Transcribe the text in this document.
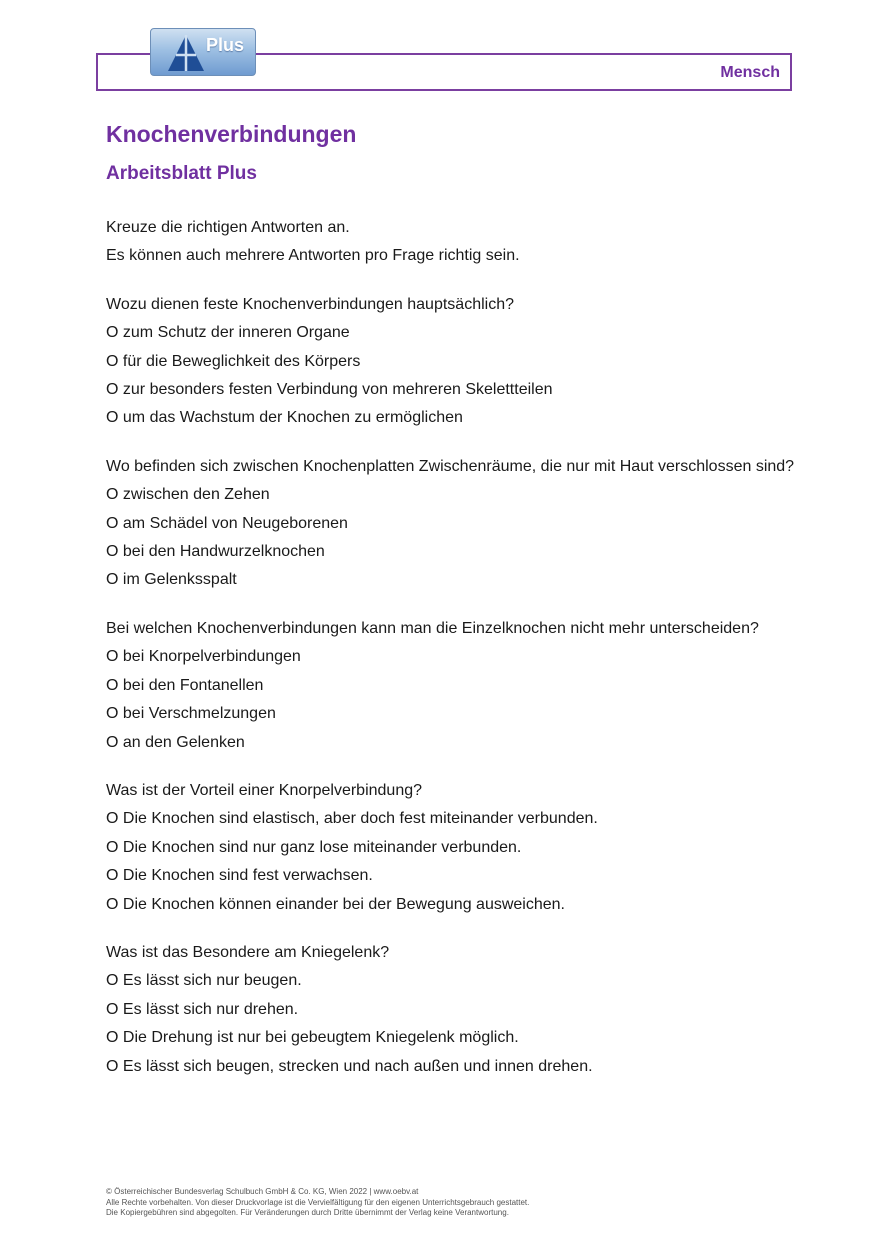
Mensch
Plus
Knochenverbindungen
Arbeitsblatt Plus
Kreuze die richtigen Antworten an.
Es können auch mehrere Antworten pro Frage richtig sein.
Wozu dienen feste Knochenverbindungen hauptsächlich?
O zum Schutz der inneren Organe
O für die Beweglichkeit des Körpers
O zur besonders festen Verbindung von mehreren Skelettteilen
O um das Wachstum der Knochen zu ermöglichen
Wo befinden sich zwischen Knochenplatten Zwischenräume, die nur mit Haut verschlossen sind?
O zwischen den Zehen
O am Schädel von Neugeborenen
O bei den Handwurzelknochen
O im Gelenksspalt
Bei welchen Knochenverbindungen kann man die Einzelknochen nicht mehr unterscheiden?
O bei Knorpelverbindungen
O bei den Fontanellen
O bei Verschmelzungen
O an den Gelenken
Was ist der Vorteil einer Knorpelverbindung?
O Die Knochen sind elastisch, aber doch fest miteinander verbunden.
O Die Knochen sind nur ganz lose miteinander verbunden.
O Die Knochen sind fest verwachsen.
O Die Knochen können einander bei der Bewegung ausweichen.
Was ist das Besondere am Kniegelenk?
O Es lässt sich nur beugen.
O Es lässt sich nur drehen.
O Die Drehung ist nur bei gebeugtem Kniegelenk möglich.
O Es lässt sich beugen, strecken und nach außen und innen drehen.
© Österreichischer Bundesverlag Schulbuch GmbH & Co. KG, Wien 2022 | www.oebv.at
Alle Rechte vorbehalten. Von dieser Druckvorlage ist die Vervielfältigung für den eigenen Unterrichtsgebrauch gestattet.
Die Kopiergebühren sind abgegolten. Für Veränderungen durch Dritte übernimmt der Verlag keine Verantwortung.
